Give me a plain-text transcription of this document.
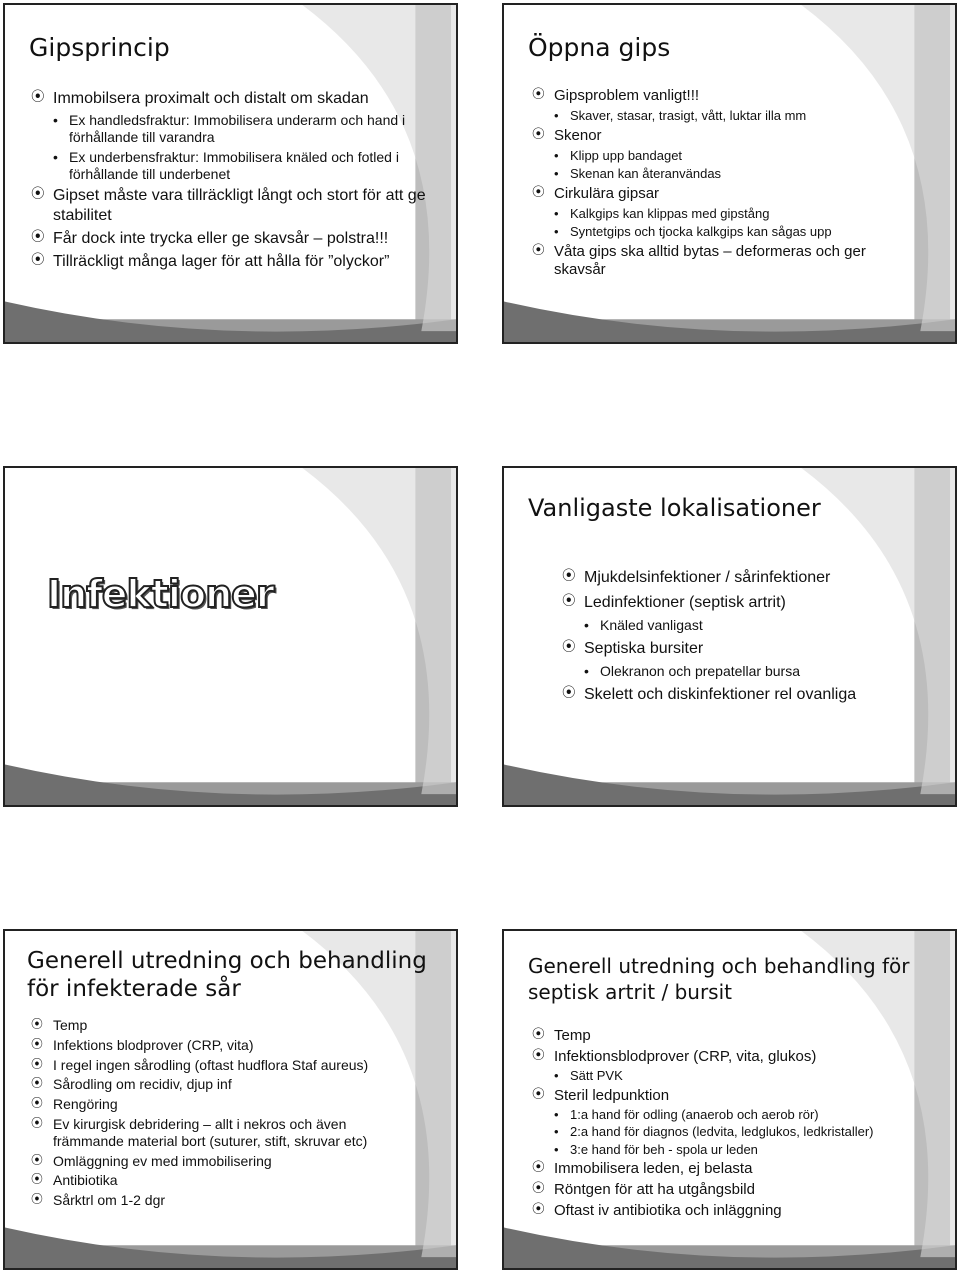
Gipsprincip
⦿ Immobilsera proximalt och distalt om skadan
• Ex handledsfraktur: Immobilisera underarm och hand i förhållande till varandra
• Ex underbensfraktur: Immobilisera knäled och fotled i förhållande till underbenet
⦿ Gipset måste vara tillräckligt långt och stort för att ge stabilitet
⦿ Får dock inte trycka eller ge skavsår – polstra!!!
⦿ Tillräckligt många lager för att hålla för ”olyckor”
Öppna gips
⦿ Gipsproblem vanligt!!!
• Skaver, stasar, trasigt, vått, luktar illa mm
⦿ Skenor
• Klipp upp bandaget
• Skenan kan återanvändas
⦿ Cirkulära gipsar
• Kalkgips kan klippas med gipstång
• Syntetgips och tjocka kalkgips kan sågas upp
⦿ Våta gips ska alltid bytas – deformeras och ger skavsår
Infektioner
Vanligaste lokalisationer
⦿ Mjukdelsinfektioner / sårinfektioner
⦿ Ledinfektioner (septisk artrit)
• Knäled vanligast
⦿ Septiska bursiter
• Olekranon och prepatellar bursa
⦿ Skelett och diskinfektioner rel ovanliga
Generell utredning och behandling för infekterade sår
⦿ Temp
⦿ Infektions blodprover (CRP, vita)
⦿ I regel ingen sårodling (oftast hudflora Staf aureus)
⦿ Sårodling om recidiv, djup inf
⦿ Rengöring
⦿ Ev kirurgisk debridering – allt i nekros och även främmande material bort (suturer, stift, skruvar etc)
⦿ Omläggning ev med immobilisering
⦿ Antibiotika
⦿ Sårktrl om 1-2 dgr
Generell utredning och behandling för septisk artrit / bursit
⦿ Temp
⦿ Infektionsblodprover (CRP, vita, glukos)
• Sätt PVK
⦿ Steril ledpunktion
• 1:a hand för odling (anaerob och aerob rör)
• 2:a hand för diagnos (ledvita, ledglukos, ledkristaller)
• 3:e hand för beh - spola ur leden
⦿ Immobilisera leden, ej belasta
⦿ Röntgen för att ha utgångsbild
⦿ Oftast iv antibiotika och inläggning
